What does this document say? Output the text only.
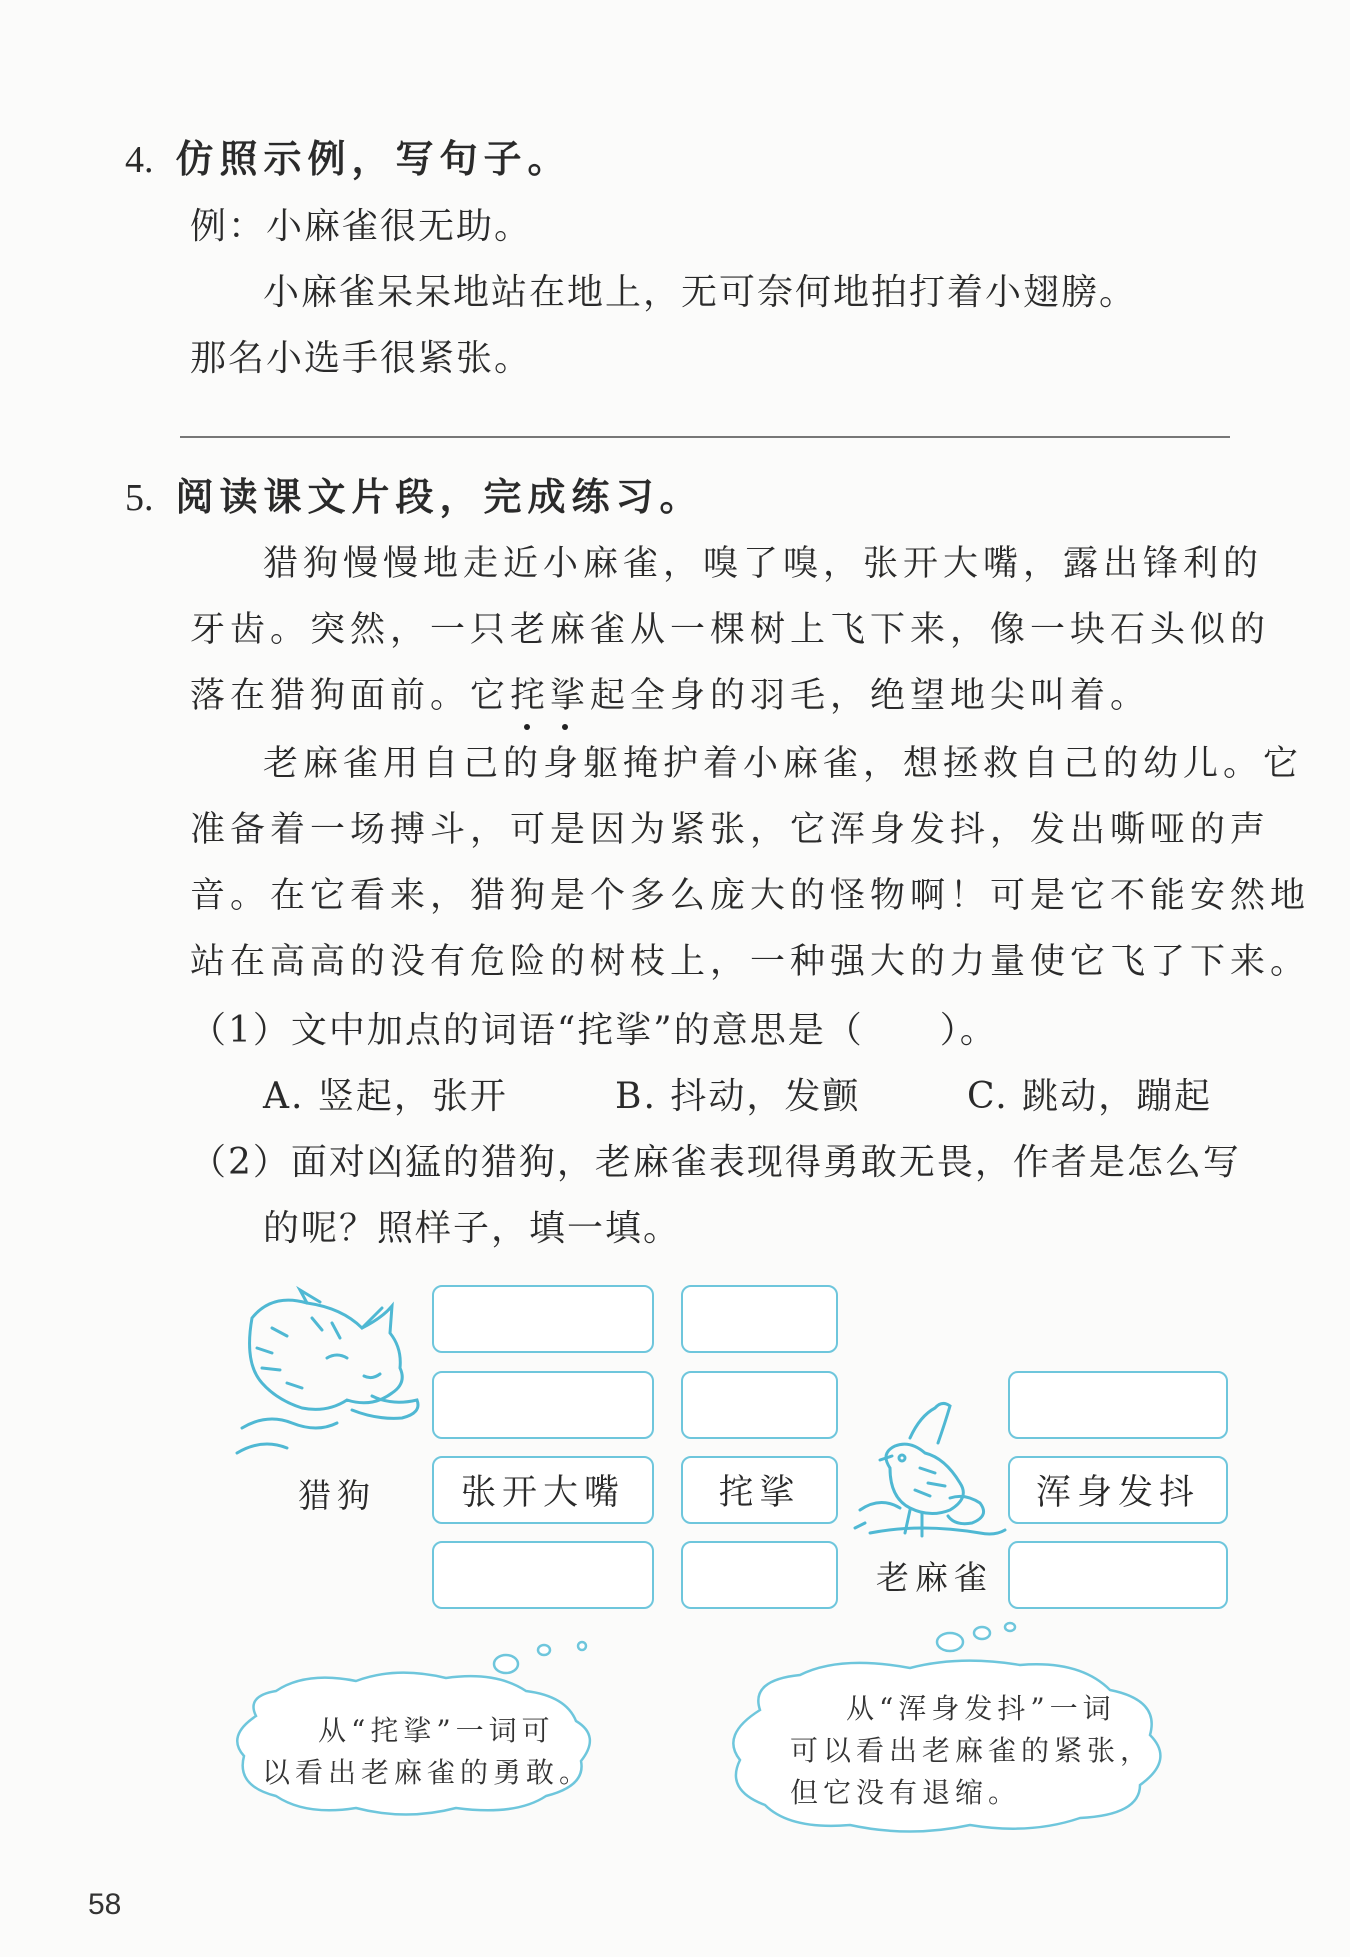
4. 仿照示例，写句子。
例：小麻雀很无助。
小麻雀呆呆地站在地上，无可奈何地拍打着小翅膀。
那名小选手很紧张。
5. 阅读课文片段，完成练习。
猎狗慢慢地走近小麻雀，嗅了嗅，张开大嘴，露出锋利的
牙齿。突然，一只老麻雀从一棵树上飞下来，像一块石头似的
落在猎狗面前。它挓挲起全身的羽毛，绝望地尖叫着。
老麻雀用自己的身躯掩护着小麻雀，想拯救自己的幼儿。它
准备着一场搏斗，可是因为紧张，它浑身发抖，发出嘶哑的声
音。在它看来，猎狗是个多么庞大的怪物啊！可是它不能安然地
站在高高的没有危险的树枝上，一种强大的力量使它飞了下来。
（1）文中加点的词语“挓挲”的意思是（　　）。
A. 竖起，张开	B. 抖动，发颤	C. 跳动，蹦起
（2）面对凶猛的猎狗，老麻雀表现得勇敢无畏，作者是怎么写
的呢？照样子，填一填。
猎狗	张开大嘴	挓挲	浑身发抖
老麻雀
从“挓挲”一词可
以看出老麻雀的勇敢。
从“浑身发抖”一词
可以看出老麻雀的紧张，
但它没有退缩。
58
